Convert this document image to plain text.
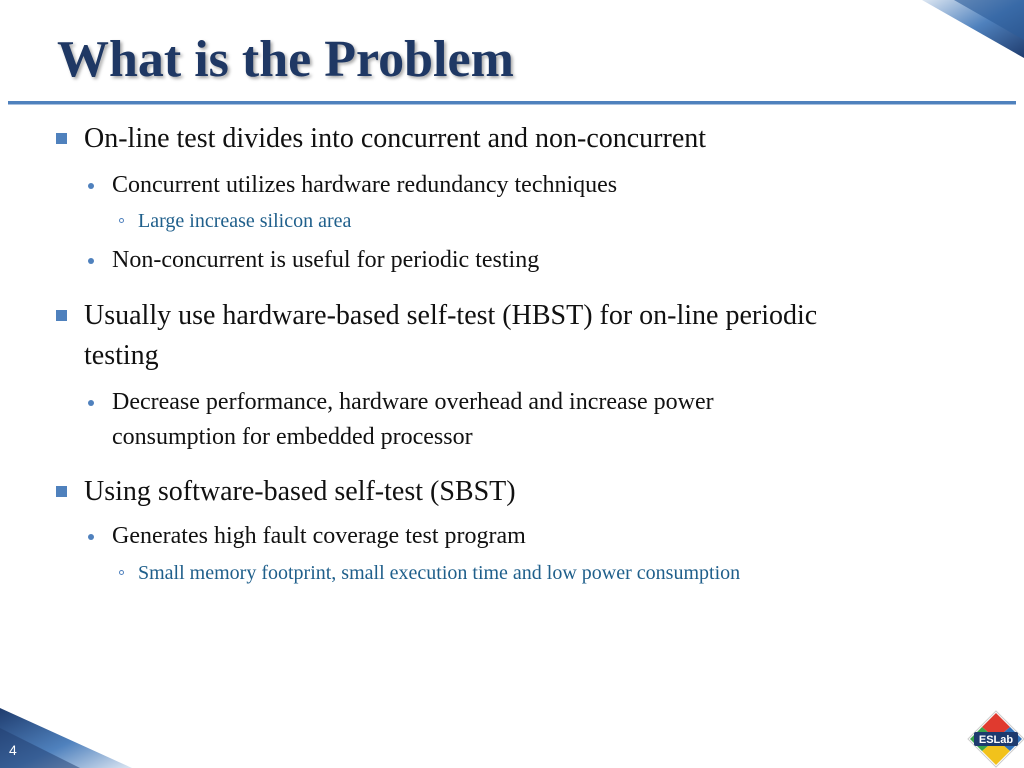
What is the Problem
On-line test divides into concurrent and non-concurrent
Concurrent utilizes hardware redundancy techniques
Large increase silicon area
Non-concurrent is useful for periodic testing
Usually use hardware-based self-test (HBST) for on-line periodic testing
Decrease performance, hardware overhead and increase power consumption for embedded processor
Using software-based self-test (SBST)
Generates high fault coverage test program
Small memory footprint, small execution time and low power consumption
4
ESLab
